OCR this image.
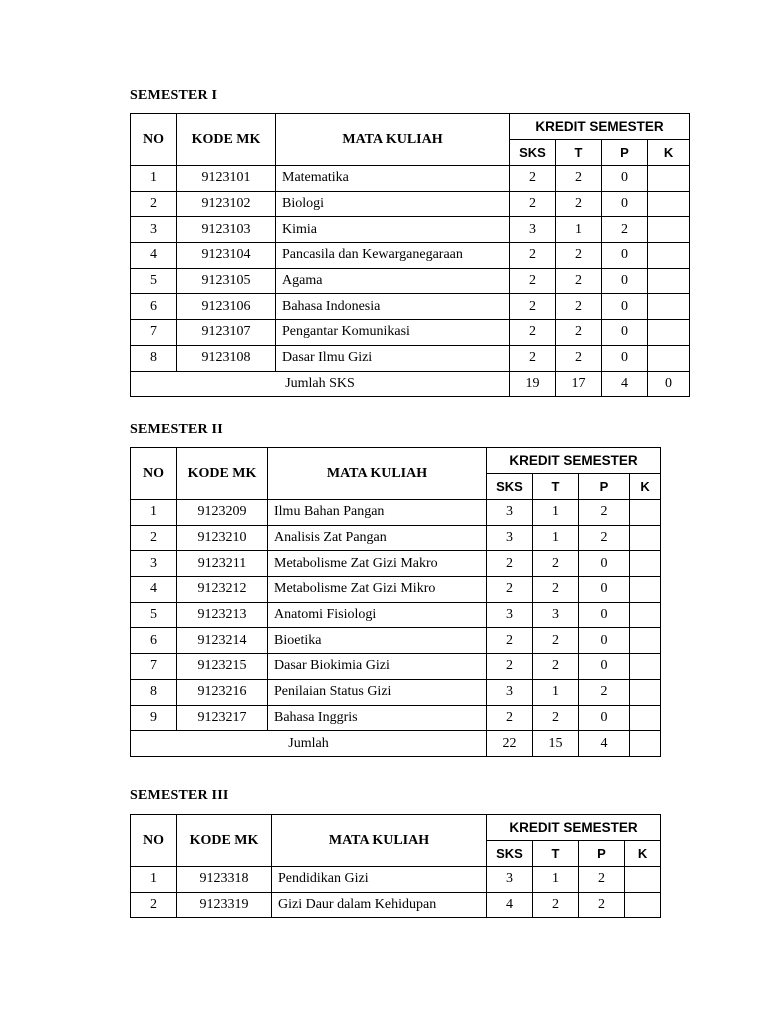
SEMESTER I
NO	KODE MK	MATA KULIAH	KREDIT SEMESTER			
			SKS	T	P	K
1	9123101	Matematika	2	2	0	
2	9123102	Biologi	2	2	0	
3	9123103	Kimia	3	1	2	
4	9123104	Pancasila dan Kewarganegaraan	2	2	0	
5	9123105	Agama	2	2	0	
6	9123106	Bahasa Indonesia	2	2	0	
7	9123107	Pengantar Komunikasi	2	2	0	
8	9123108	Dasar Ilmu Gizi	2	2	0	
Jumlah SKS			19	17	4	0
SEMESTER II
NO	KODE MK	MATA KULIAH	KREDIT SEMESTER			
			SKS	T	P	K
1	9123209	Ilmu Bahan Pangan	3	1	2	
2	9123210	Analisis Zat Pangan	3	1	2	
3	9123211	Metabolisme Zat Gizi Makro	2	2	0	
4	9123212	Metabolisme Zat Gizi Mikro	2	2	0	
5	9123213	Anatomi Fisiologi	3	3	0	
6	9123214	Bioetika	2	2	0	
7	9123215	Dasar Biokimia Gizi	2	2	0	
8	9123216	Penilaian Status Gizi	3	1	2	
9	9123217	Bahasa Inggris	2	2	0	
Jumlah			22	15	4	
SEMESTER III
NO	KODE MK	MATA KULIAH	KREDIT SEMESTER			
			SKS	T	P	K
1	9123318	Pendidikan Gizi	3	1	2	
2	9123319	Gizi Daur dalam Kehidupan	4	2	2	
